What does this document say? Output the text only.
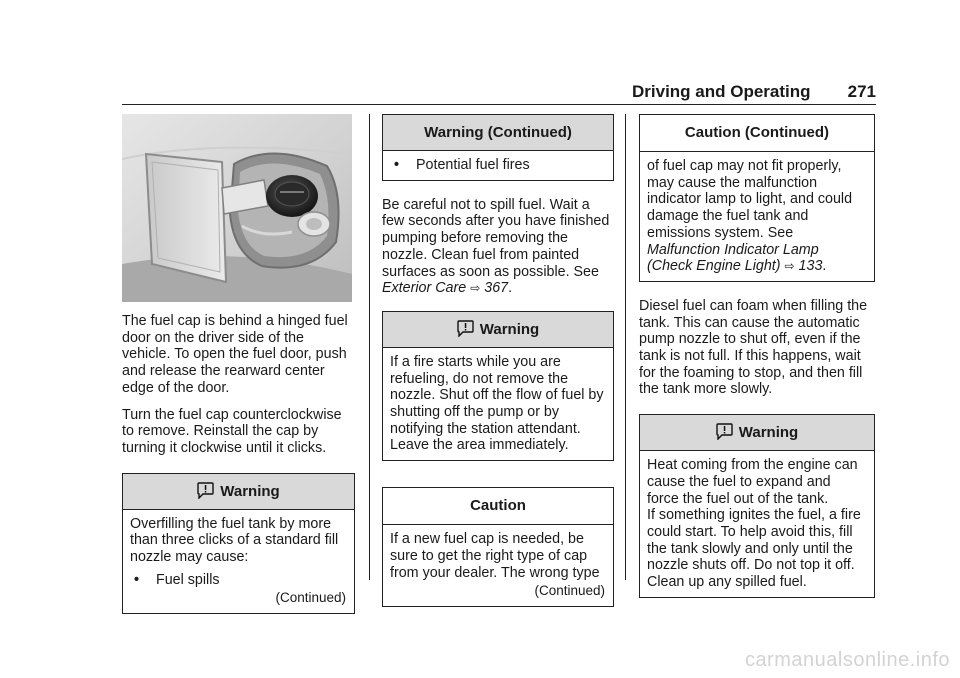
Driving and Operating 271

The fuel cap is behind a hinged fuel door on the driver side of the vehicle. To open the fuel door, push and release the rearward center edge of the door.

Turn the fuel cap counterclockwise to remove. Reinstall the cap by turning it clockwise until it clicks.

Warning

Overfilling the fuel tank by more than three clicks of a standard fill nozzle may cause:

• Fuel spills
(Continued)
Warning (Continued)
• Potential fuel fires

Be careful not to spill fuel. Wait a few seconds after you have finished pumping before removing the nozzle. Clean fuel from painted surfaces as soon as possible. See Exterior Care ⇨ 367.

Warning

If a fire starts while you are refueling, do not remove the nozzle. Shut off the flow of fuel by shutting off the pump or by notifying the station attendant. Leave the area immediately.

Caution

If a new fuel cap is needed, be sure to get the right type of cap from your dealer. The wrong type

(Continued)
Caution (Continued)

of fuel cap may not fit properly, may cause the malfunction indicator lamp to light, and could damage the fuel tank and emissions system. See Malfunction Indicator Lamp (Check Engine Light) ⇨ 133.

Diesel fuel can foam when filling the tank. This can cause the automatic pump nozzle to shut off, even if the tank is not full. If this happens, wait for the foaming to stop, and then fill the tank more slowly.

Warning

Heat coming from the engine can cause the fuel to expand and force the fuel out of the tank.

If something ignites the fuel, a fire could start. To help avoid this, fill the tank slowly and only until the nozzle shuts off. Do not top it off. Clean up any spilled fuel.

carmanualsonline.info
